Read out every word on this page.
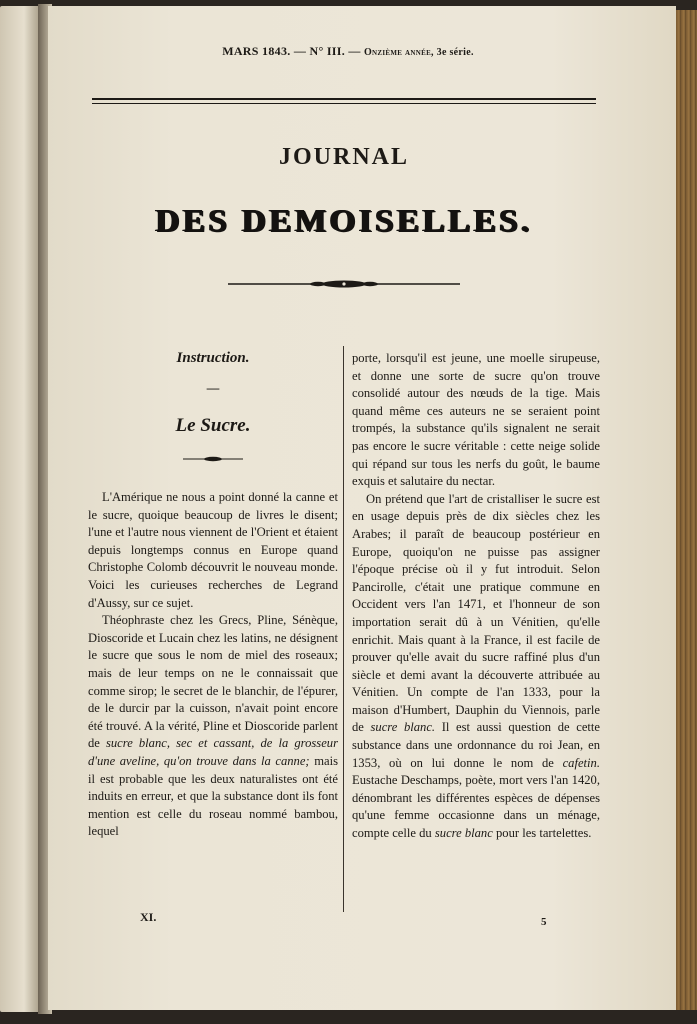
MARS 1843. — N° III. — Onzième année, 3e série.
JOURNAL
DES DEMOISELLES.
Instruction.
—
Le Sucre.

L'Amérique ne nous a point donné la canne et le sucre, quoique beaucoup de livres le disent; l'une et l'autre nous viennent de l'Orient et étaient depuis longtemps connus en Europe quand Christophe Colomb découvrit le nouveau monde. Voici les curieuses recherches de Legrand d'Aussy, sur ce sujet.

Théophraste chez les Grecs, Pline, Sénèque, Dioscoride et Lucain chez les latins, ne désignent le sucre que sous le nom de miel des roseaux; mais de leur temps on ne le connaissait que comme sirop; le secret de le blanchir, de l'épurer, de le durcir par la cuisson, n'avait point encore été trouvé. A la vérité, Pline et Dioscoride parlent de sucre blanc, sec et cassant, de la grosseur d'une aveline, qu'on trouve dans la canne; mais il est probable que les deux naturalistes ont été induits en erreur, et que la substance dont ils font mention est celle du roseau nommé bambou, lequel

porte, lorsqu'il est jeune, une moelle sirupeuse, et donne une sorte de sucre qu'on trouve consolidé autour des nœuds de la tige. Mais quand même ces auteurs ne se seraient point trompés, la substance qu'ils signalent ne serait pas encore le sucre véritable : cette neige solide qui répand sur tous les nerfs du goût, le baume exquis et salutaire du nectar.

On prétend que l'art de cristalliser le sucre est en usage depuis près de dix siècles chez les Arabes; il paraît de beaucoup postérieur en Europe, quoiqu'on ne puisse pas assigner l'époque précise où il y fut introduit. Selon Pancirolle, c'était une pratique commune en Occident vers l'an 1471, et l'honneur de son importation serait dû à un Vénitien, qu'elle enrichit. Mais quant à la France, il est facile de prouver qu'elle avait du sucre raffiné plus d'un siècle et demi avant la découverte attribuée au Vénitien. Un compte de l'an 1333, pour la maison d'Humbert, Dauphin du Viennois, parle de sucre blanc. Il est aussi question de cette substance dans une ordonnance du roi Jean, en 1353, où on lui donne le nom de cafetin. Eustache Deschamps, poète, mort vers l'an 1420, dénombrant les différentes espèces de dépenses qu'une femme occasionne dans un ménage, compte celle du sucre blanc pour les tartelettes.

XI.	5
